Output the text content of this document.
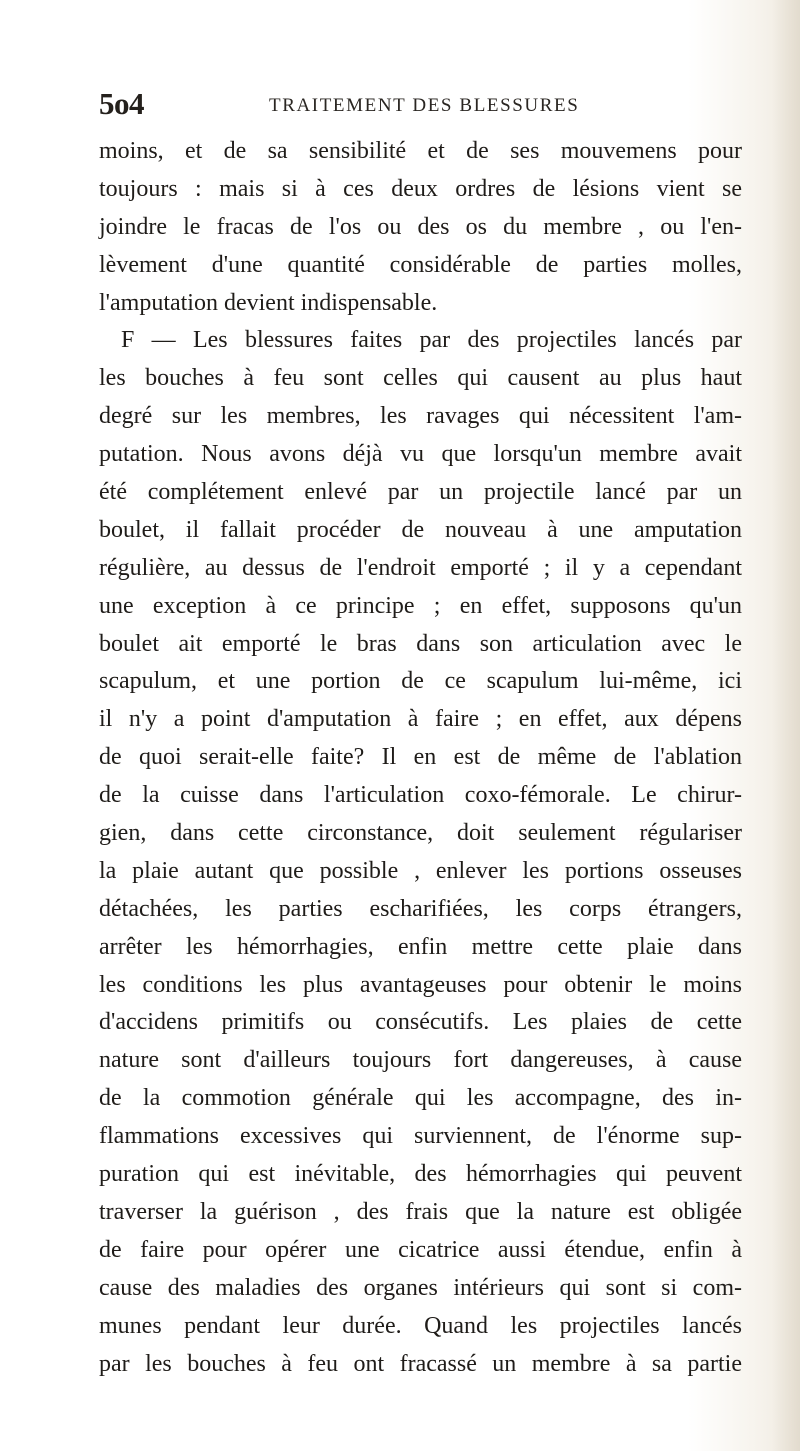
5o4	TRAITEMENT DES BLESSURES
moins, et de sa sensibilité et de ses mouvemens pour
toujours : mais si à ces deux ordres de lésions vient se
joindre le fracas de l'os ou des os du membre , ou l'en-
lèvement d'une quantité considérable de parties molles,
l'amputation devient indispensable.
F — Les blessures faites par des projectiles lancés par
les bouches à feu sont celles qui causent au plus haut
degré sur les membres, les ravages qui nécessitent l'am-
putation. Nous avons déjà vu que lorsqu'un membre avait
été complétement enlevé par un projectile lancé par un
boulet, il fallait procéder de nouveau à une amputation
régulière, au dessus de l'endroit emporté ; il y a cependant
une exception à ce principe ; en effet, supposons qu'un
boulet ait emporté le bras dans son articulation avec le
scapulum, et une portion de ce scapulum lui-même, ici
il n'y a point d'amputation à faire ; en effet, aux dépens
de quoi serait-elle faite? Il en est de même de l'ablation
de la cuisse dans l'articulation coxo-fémorale. Le chirur-
gien, dans cette circonstance, doit seulement régulariser
la plaie autant que possible , enlever les portions osseuses
détachées, les parties escharifiées, les corps étrangers,
arrêter les hémorrhagies, enfin mettre cette plaie dans
les conditions les plus avantageuses pour obtenir le moins
d'accidens primitifs ou consécutifs. Les plaies de cette
nature sont d'ailleurs toujours fort dangereuses, à cause
de la commotion générale qui les accompagne, des in-
flammations excessives qui surviennent, de l'énorme sup-
puration qui est inévitable, des hémorrhagies qui peuvent
traverser la guérison , des frais que la nature est obligée
de faire pour opérer une cicatrice aussi étendue, enfin à
cause des maladies des organes intérieurs qui sont si com-
munes pendant leur durée. Quand les projectiles lancés
par les bouches à feu ont fracassé un membre à sa partie
